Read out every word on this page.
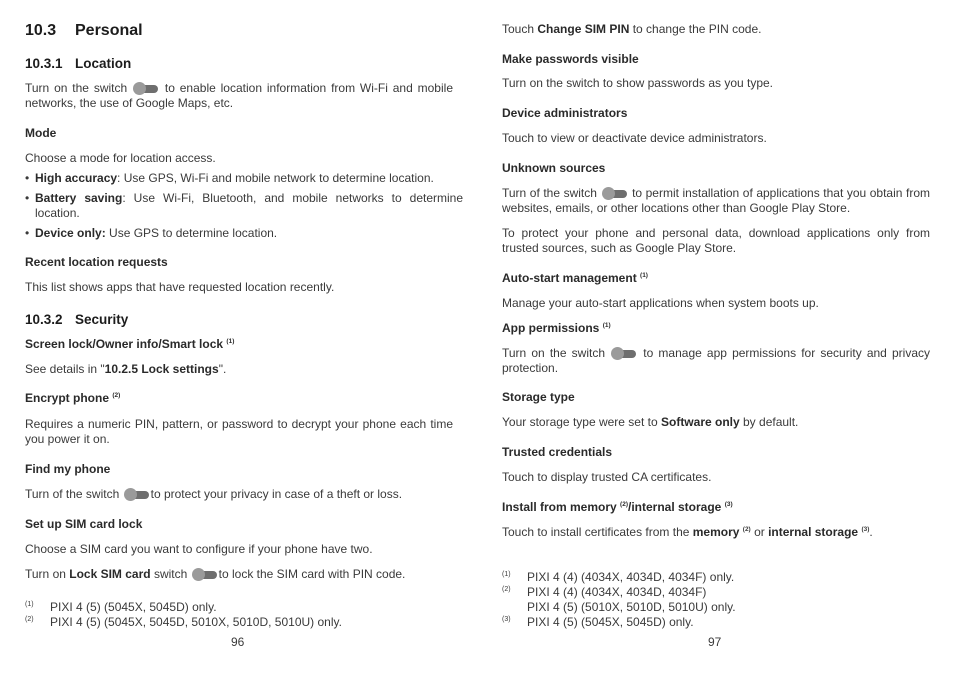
10.3 Personal
10.3.1 Location

Turn on the switch	to enable location information from Wi-Fi and mobile networks, the use of Google Maps, etc.

Mode

Choose a mode for location access.

• High accuracy: Use GPS, Wi-Fi and mobile network to determine location.

• Battery saving: Use Wi-Fi, Bluetooth, and mobile networks to determine location.

• Device only: Use GPS to determine location.

Recent location requests

This list shows apps that have requested location recently.

10.3.2 Security
Screen lock/Owner info/Smart lock $^{(1)}$

See details in "10.2.5 Lock settings".

Encrypt phone $^{(2)}$

Requires a numeric PIN, pattern, or password to decrypt your phone each time you power it on.

Find my phone

Turn of the switch	to protect your privacy in case of a theft or loss.

Set up SIM card lock

Choose a SIM card you want to configure if your phone have two.

Turn on Lock SIM card switch	to lock the SIM card with PIN code.

(1) PIXI 4 (5) (5045X, 5045D) only.
(2) PIXI 4 (5) (5045X, 5045D, 5010X, 5010D, 5010U) only.
96

Touch Change SIM PIN to change the PIN code.

Make passwords visible

Turn on the switch to show passwords as you type.

Device administrators

Touch to view or deactivate device administrators.

Unknown sources

Turn of the switch	to permit installation of applications that you obtain from websites, emails, or other locations other than Google Play Store.

To protect your phone and personal data, download applications only from trusted sources, such as Google Play Store.

Auto-start management $^{(1)}$

Manage your auto-start applications when system boots up.

App permissions $^{(1)}$

Turn on the switch	to manage app permissions for security and privacy protection.

Storage type

Your storage type were set to Software only by default.

Trusted credentials

Touch to display trusted CA certificates.

Install from memory $^{(2)}$/internal storage $^{(3)}$

Touch to install certificates from the memory $^{(2)}$ or internal storage $^{(3)}$.

(1) PIXI 4 (4) (4034X, 4034D, 4034F) only.
(2) PIXI 4 (4) (4034X, 4034D, 4034F)
PIXI 4 (5) (5010X, 5010D, 5010U) only.
(3) PIXI 4 (5) (5045X, 5045D) only.
97
